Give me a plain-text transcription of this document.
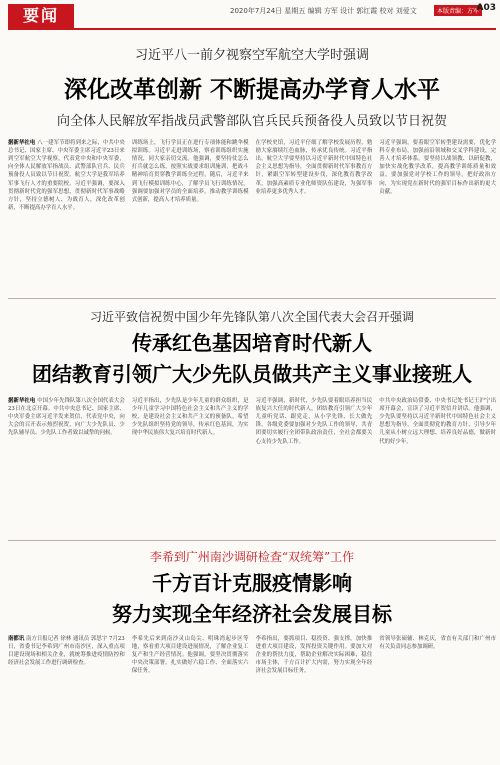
要闻	2020年7月24日 星期五 编辑 方军 设计 郭红霞 校对 刘爱文	本版责编：方军
A03

习近平八一前夕视察空军航空大学时强调

深化改革创新 不断提高办学育人水平

向全体人民解放军指战员武警部队官兵民兵预备役人员致以节日祝贺

据新华社电 八一建军节即将到来之际，中共中央总书记、国家主席、中央军委主席习近平23日来到空军航空大学视察，代表党中央和中央军委，向全体人民解放军指战员、武警部队官兵、民兵预备役人员致以节日祝贺。航空大学是我军培养军事飞行人才的重要院校。习近平强调，要深入贯彻新时代党的强军思想，贯彻新时代军事战略方针，坚持立德树人、为战育人，深化改革创新，不断提高办学育人水平。
训练场上，飞行学员正在进行专项体能和跳伞模拟训练。习近平走进训练场，察看训练组织实施情况，同大家亲切交流。他强调，要坚持仗怎么打兵就怎么练，按照实战要求组训施训，把战斗精神培育贯穿教学训练全过程。随后，习近平来到飞行模拟训练中心，了解学员飞行训练情况，强调要加强对学员的全面培养，推动教学训练模式创新，提高人才培养质量。
在学校史馆，习近平仔细了解学校发展历程，勉励大家赓续红色血脉，传承优良传统。习近平指出，航空大学要坚持以习近平新时代中国特色社会主义思想为指导，全面贯彻新时代军事教育方针，紧跟空军转型建设步伐，深化教育教学改革，加强高素质专业化师资队伍建设，为强军事业培养更多优秀人才。
习近平强调，要着眼空军转型建设需要，优化学科专业布局，加强前沿领域和交叉学科建设，完善人才培养体系。要坚持以战领教、以研促教，加快实战化教学改革，提高教学训练质量和效益。要加强党对学校工作的领导，把好政治方向，为实现党在新时代的强军目标作出新的更大贡献。

习近平致信祝贺中国少年先锋队第八次全国代表大会召开强调

传承红色基因培育时代新人
团结教育引领广大少先队员做共产主义事业接班人
据新华社电 中国少年先锋队第八次全国代表大会23日在北京开幕。中共中央总书记、国家主席、中央军委主席习近平发来贺信，代表党中央，向大会的召开表示热烈祝贺，向广大少先队员、少先队辅导员、少先队工作者致以诚挚的问候。
习近平指出，少先队是少年儿童的群众组织，是少年儿童学习中国特色社会主义和共产主义的学校，是建设社会主义和共产主义的预备队。希望少先队组织坚持党的领导，传承红色基因，为实现中华民族伟大复兴培育时代新人。
习近平强调，新时代，少先队要着眼培养担当民族复兴大任的时代新人，团结教育引领广大少年儿童听党话、跟党走，从小学先锋、长大做先锋。各级党委要加强对少先队工作的领导，共青团要切实履行全团带队政治责任，全社会都要关心支持少先队工作。
中共中央政治局常委、中央书记处书记王沪宁出席开幕会，宣读了习近平贺信并讲话。他强调，少先队要坚持以习近平新时代中国特色社会主义思想为指导，全面贯彻党的教育方针，引导少年儿童从小树立远大理想、培养良好品德，做新时代的好少年。

李希到广州南沙调研检查“双统筹”工作

千方百计克服疫情影响
努力实现全年经济社会发展目标
南都讯 南方日报记者 徐林 通讯员 郭思宇 7月23日，省委书记李希到广州市南沙区，深入重点项目建设现场和相关企业，就统筹推进疫情防控和经济社会发展工作进行调研检查。
李希先后来到南沙灵山岛尖、明珠湾起步区等地，察看重大项目建设进展情况，了解企业复工复产和生产经营情况。他强调，要坚决贯彻落实中央决策部署，扎实做好六稳工作、全面落实六保任务。
李希指出，要抓项目、稳投资、强支撑，加快推进重大项目建设，发挥投资关键作用。要加大对企业的帮扶力度，帮助企业解决实际困难，稳住市场主体，千方百计扩大内需，努力实现全年经济社会发展目标任务。
省领导张硕辅、林克庆，省直有关部门和广州市有关负责同志参加调研。
